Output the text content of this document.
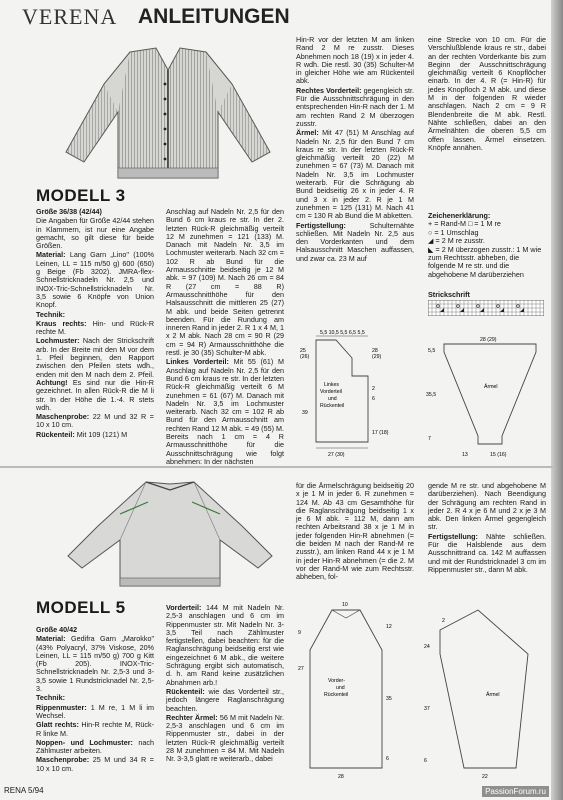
VERENA ANLEITUNGEN
MODELL 3

Größe 36/38 (42/44)

Die Angaben für Größe 42/44 stehen in Klammern, ist nur eine Angabe gemacht, so gilt diese für beide Größen.

Material: Lang Garn „Lino" (100% Leinen, LL = 115 m/50 g) 600 (650) g Beige (Fb 3202). JMRA-flex-Schnellstricknadeln Nr. 2,5 und INOX-Tric-Schnellstricknadeln Nr. 3,5 sowie 6 Knöpfe von Union Knopf.

Technik:

Kraus rechts: Hin- und Rück-R rechte M.

Lochmuster: Nach der Strickschrift arb. In der Breite mit den M vor dem 1. Pfeil beginnen, den Rapport zwischen den Pfeilen stets wdh., enden mit den M nach dem 2. Pfeil. Achtung! Es sind nur die Hin-R gezeichnet. In allen Rück-R die M li str. In der Höhe die 1.-4. R stets wdh.

Maschenprobe: 22 M und 32 R = 10 x 10 cm.

Rückenteil: Mit 109 (121) M

Anschlag auf Nadeln Nr. 2,5 für den Bund 6 cm kraus re str. In der 2. letzten Rück-R gleichmäßig verteilt 12 M zunehmen = 121 (133) M. Danach mit Nadeln Nr. 3,5 im Lochmuster weiterarb. Nach 32 cm = 102 R ab Bund für die Armausschnitte beidseitig je 12 M abk. = 97 (109) M. Nach 26 cm = 84 R (27 cm = 88 R) Armausschnitthöhe für den Halsausschnitt die mittleren 25 (27) M abk. und beide Seiten getrennt beenden. Für die Rundung am inneren Rand in jeder 2. R 1 x 4 M, 1 x 2 M abk. Nach 28 cm = 90 R (29 cm = 94 R) Armausschnitthöhe die restl. je 30 (35) Schulter-M abk.

Linkes Vorderteil: Mit 55 (61) M Anschlag auf Nadeln Nr. 2,5 für den Bund 6 cm kraus re str. In der letzten Rück-R gleichmäßig verteilt 6 M zunehmen = 61 (67) M. Danach mit Nadeln Nr. 3,5 im Lochmuster weiterarb. Nach 32 cm = 102 R ab Bund für den Armausschnitt am rechten Rand 12 M abk. = 49 (55) M. Bereits nach 1 cm = 4 R Armausschnitthöhe für die Ausschnittschrägung wie folgt abnehmen: In der nächsten

Hin-R vor der letzten M am linken Rand 2 M re zusstr. Dieses Abnehmen noch 18 (19) x in jeder 4. R wdh. Die restl. 30 (35) Schulter-M in gleicher Höhe wie am Rückenteil abk.

Rechtes Vorderteil: gegengleich str. Für die Ausschnittschrägung in den entsprechenden Hin-R nach der 1. M am rechten Rand 2 M überzogen zusstr.

Ärmel: Mit 47 (51) M Anschlag auf Nadeln Nr. 2,5 für den Bund 7 cm kraus re str. In der letzten Rück-R gleichmäßig verteilt 20 (22) M zunehmen = 67 (73) M. Danach mit Nadeln Nr. 3,5 im Lochmuster weiterarb. Für die Schrägung ab Bund beidseitig 26 x in jeder 4. R und 3 x in jeder 2. R je 1 M zunehmen = 125 (131) M. Nach 41 cm = 130 R ab Bund die M abketten.

Fertigstellung:	Schulternähte schließen. Mit Nadeln Nr. 2,5 aus den Vorderkanten und dem Halsausschnitt Maschen auffassen, und zwar ca. 23 M auf

eine Strecke von 10 cm. Für die Verschlußblende kraus re str., dabei an der rechten Vorderkante bis zum Beginn der Ausschnittschrägung gleichmäßig verteilt 6 Knopflöcher einarb. In der 4. R (= Hin-R) für jedes Knopfloch 2 M abk. und diese M in der folgenden R wieder anschlagen. Nach 2 cm = 9 R Blendenbreite die M abk. Restl. Nähte schließen, dabei an den Ärmelnähten die oberen 5,5 cm offen lassen. Ärmel einsetzen. Knöpfe annähen.

Zeichenerklärung:
+ = Rand-M □ = 1 M re
○ = 1 Umschlag
◢ = 2 M re zusstr.
◣ = 2 M überzogen zusstr.: 1 M wie zum Rechtsstr. abheben, die folgende M re str. und die abgehobene M darüberziehen
Strickschrift
5,5 10,5 5,5 6,5 5,5
25
(26)
28
(29)
2
6
39
Linkes
Vorderteil
und
Rückenteil
27 (30)
17 (18)
28 (29)
5,5
35,5
7
Ärmel
13	15 (16)
MODELL 5

Größe 40/42

Material: Gedifra Garn „Marokko" (43% Polyacryl, 37% Viskose, 20% Leinen, LL = 115 m/50 g) 700 g Kitt (Fb 205). INOX-Tric-Schnellstricknadeln Nr. 2,5-3 und 3-3,5 sowie 1 Rundstricknadel Nr. 2,5-3.

Technik:

Rippenmuster: 1 M re, 1 M li im Wechsel.

Glatt rechts: Hin-R rechte M, Rück-R linke M.

Noppen- und Lochmuster: nach Zählmuster arbeiten.

Maschenprobe: 25 M und 34 R = 10 x 10 cm.

Vorderteil: 144 M mit Nadeln Nr. 2,5-3 anschlagen und 6 cm im Rippenmuster str. Mit Nadeln Nr. 3-3,5 Teil nach Zählmuster fertigstellen, dabei beachten: für die Raglanschrägung beidseitig erst wie eingezeichnet 6 M abk., die weitere Schrägung ergibt sich automatisch, d. h. am Rand keine zusätzlichen Abnahmen arb.!

Rückenteil: wie das Vorderteil str., jedoch längere Raglanschrägung beachten.

Rechter Ärmel: 56 M mit Nadeln Nr. 2,5-3 anschlagen und 6 cm im Rippenmuster str., dabei in der letzten Rück-R gleichmäßig verteilt 28 M zunehmen = 84 M. Mit Nadeln Nr. 3-3,5 glatt re weiterarb., dabei

für die Ärmelschrägung beidseitig 20 x je 1 M in jeder 6. R zunehmen = 124 M. Ab 43 cm Gesamthöhe für die Raglanschrägung beidseitig 1 x je 6 M abk. = 112 M, dann am rechten Arbeitsrand 38 x je 1 M in jeder folgenden Hin-R abnehmen (= die beiden M nach der Rand-M re zusstr.), am linken Rand 44 x je 1 M in jeder Hin-R abnehmen (= die 2. M vor der Rand-M wie zum Rechtsstr. abheben, fol-

gende M re str. und abgehobene M darüberziehen). Nach Beendigung der Schrägung am rechten Rand in jeder 2. R 4 x je 6 M und 2 x je 3 M abk. Den linken Ärmel gegengleich str.

Fertigstellung: Nähte schließen. Für die Halsblende aus dem Ausschnittrand ca. 142 M auffassen und mit der Rundstricknadel 3 cm im Rippenmuster str., dann M abk.

10
12
9
27
35
6
Vorder-
und
Rückenteil
28
2
24
37
6
Ärmel
22
RENA 5/94	PassionForum.ru
